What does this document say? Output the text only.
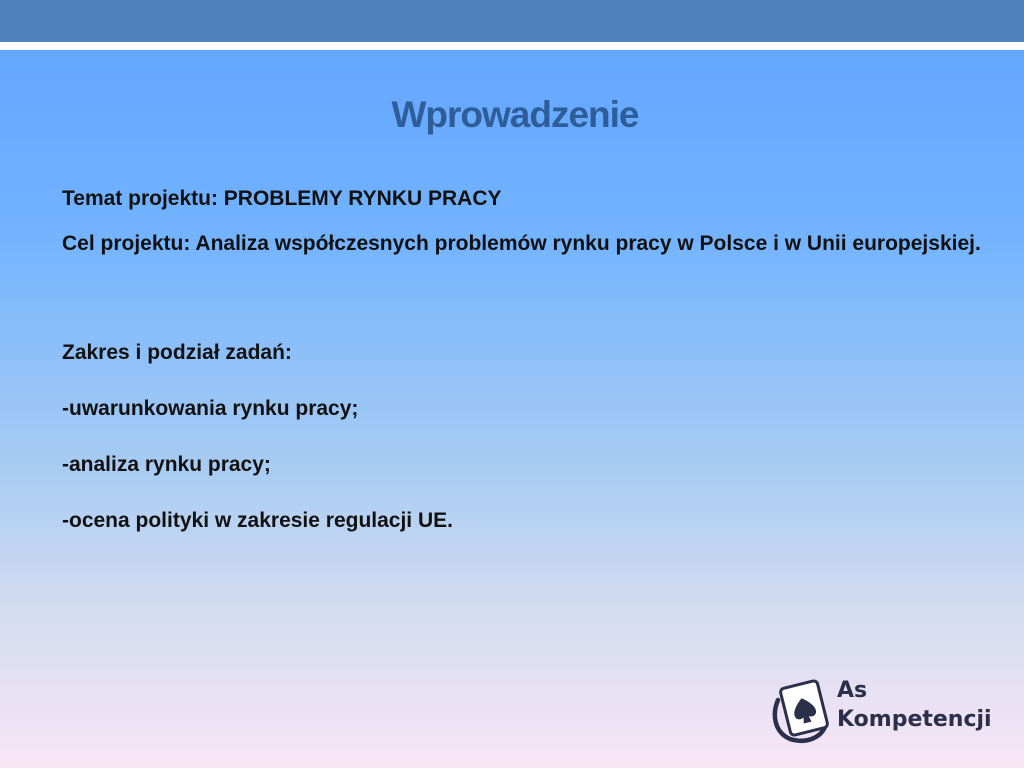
Wprowadzenie

Temat projektu: PROBLEMY RYNKU PRACY

Cel projektu: Analiza współczesnych problemów rynku pracy w Polsce i w Unii europejskiej.

Zakres i podział zadań:

-uwarunkowania rynku pracy;

-analiza rynku pracy;

-ocena polityki w zakresie regulacji UE.

As
Kompetencji
